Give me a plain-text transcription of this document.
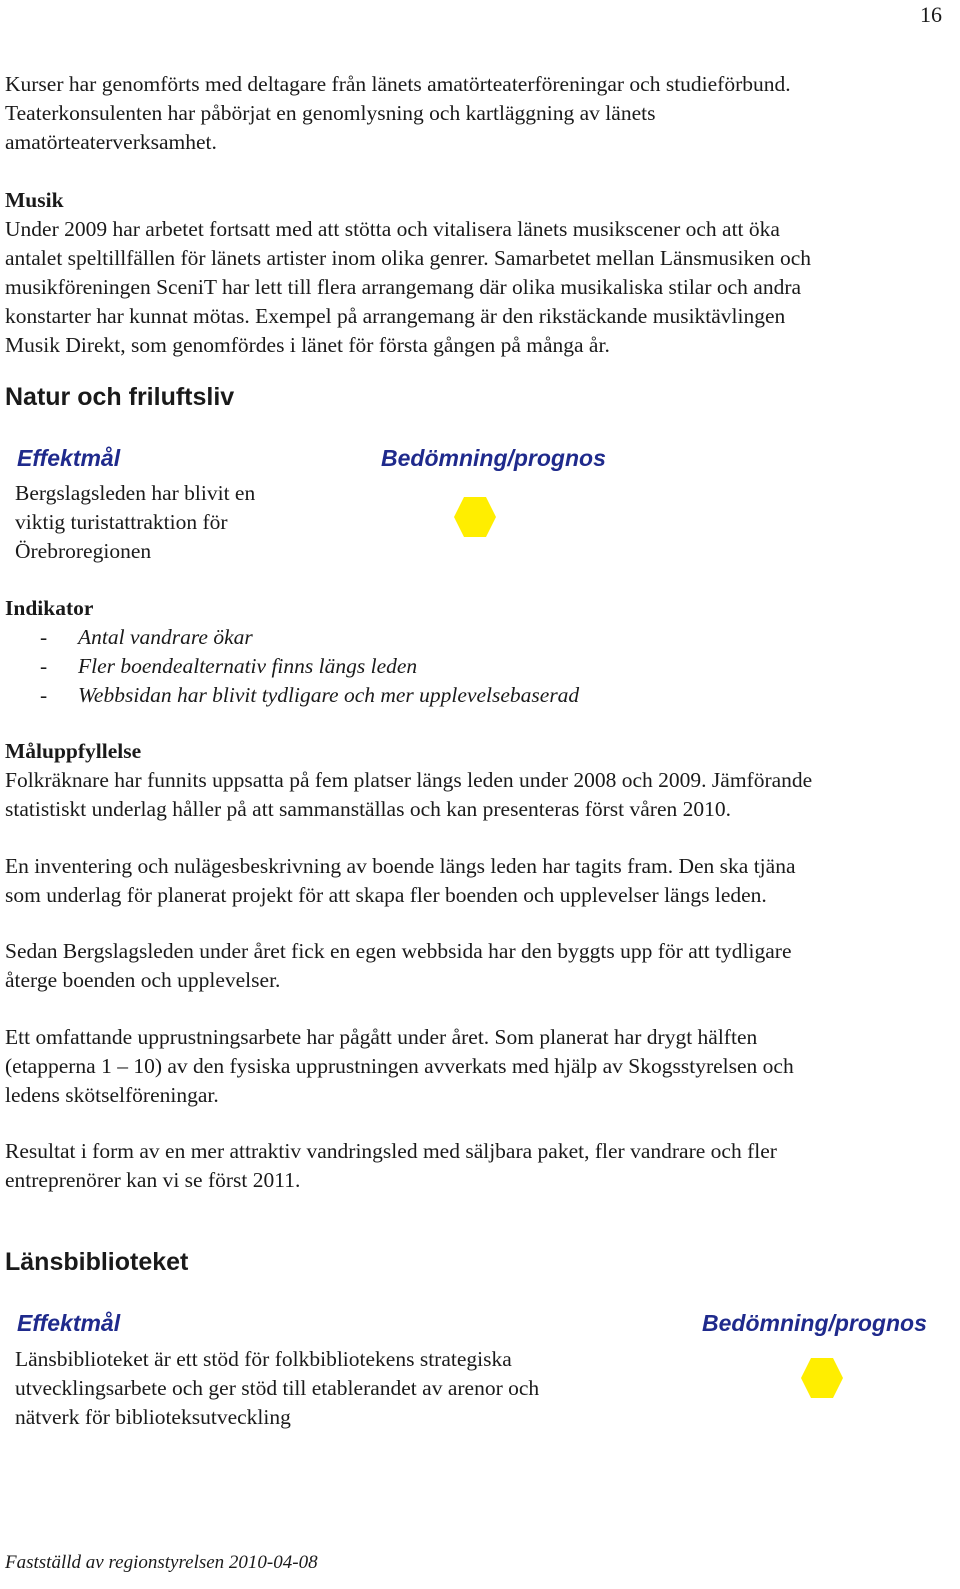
16
Kurser har genomförts med deltagare från länets amatörteaterföreningar och studieförbund.
Teaterkonsulenten har påbörjat en genomlysning och kartläggning av länets
amatörteaterverksamhet.
Musik
Under 2009 har arbetet fortsatt med att stötta och vitalisera länets musikscener och att öka
antalet speltillfällen för länets artister inom olika genrer. Samarbetet mellan Länsmusiken och
musikföreningen SceniT har lett till flera arrangemang där olika musikaliska stilar och andra
konstarter har kunnat mötas. Exempel på arrangemang är den rikstäckande musiktävlingen
Musik Direkt, som genomfördes i länet för första gången på många år.
Natur och friluftsliv
Effektmål	Bedömning/prognos
Bergslagsleden har blivit en
viktig turistattraktion för
Örebroregionen
Indikator
- Antal vandrare ökar
- Fler boendealternativ finns längs leden
- Webbsidan har blivit tydligare och mer upplevelsebaserad
Måluppfyllelse
Folkräknare har funnits uppsatta på fem platser längs leden under 2008 och 2009. Jämförande
statistiskt underlag håller på att sammanställas och kan presenteras först våren 2010.
En inventering och nulägesbeskrivning av boende längs leden har tagits fram. Den ska tjäna
som underlag för planerat projekt för att skapa fler boenden och upplevelser längs leden.
Sedan Bergslagsleden under året fick en egen webbsida har den byggts upp för att tydligare
återge boenden och upplevelser.
Ett omfattande upprustningsarbete har pågått under året. Som planerat har drygt hälften
(etapperna 1 – 10) av den fysiska upprustningen avverkats med hjälp av Skogsstyrelsen och
ledens skötselföreningar.
Resultat i form av en mer attraktiv vandringsled med säljbara paket, fler vandrare och fler
entreprenörer kan vi se först 2011.
Länsbiblioteket
Effektmål	Bedömning/prognos
Länsbiblioteket är ett stöd för folkbibliotekens strategiska
utvecklingsarbete och ger stöd till etablerandet av arenor och
nätverk för biblioteksutveckling
Fastställd av regionstyrelsen 2010-04-08
